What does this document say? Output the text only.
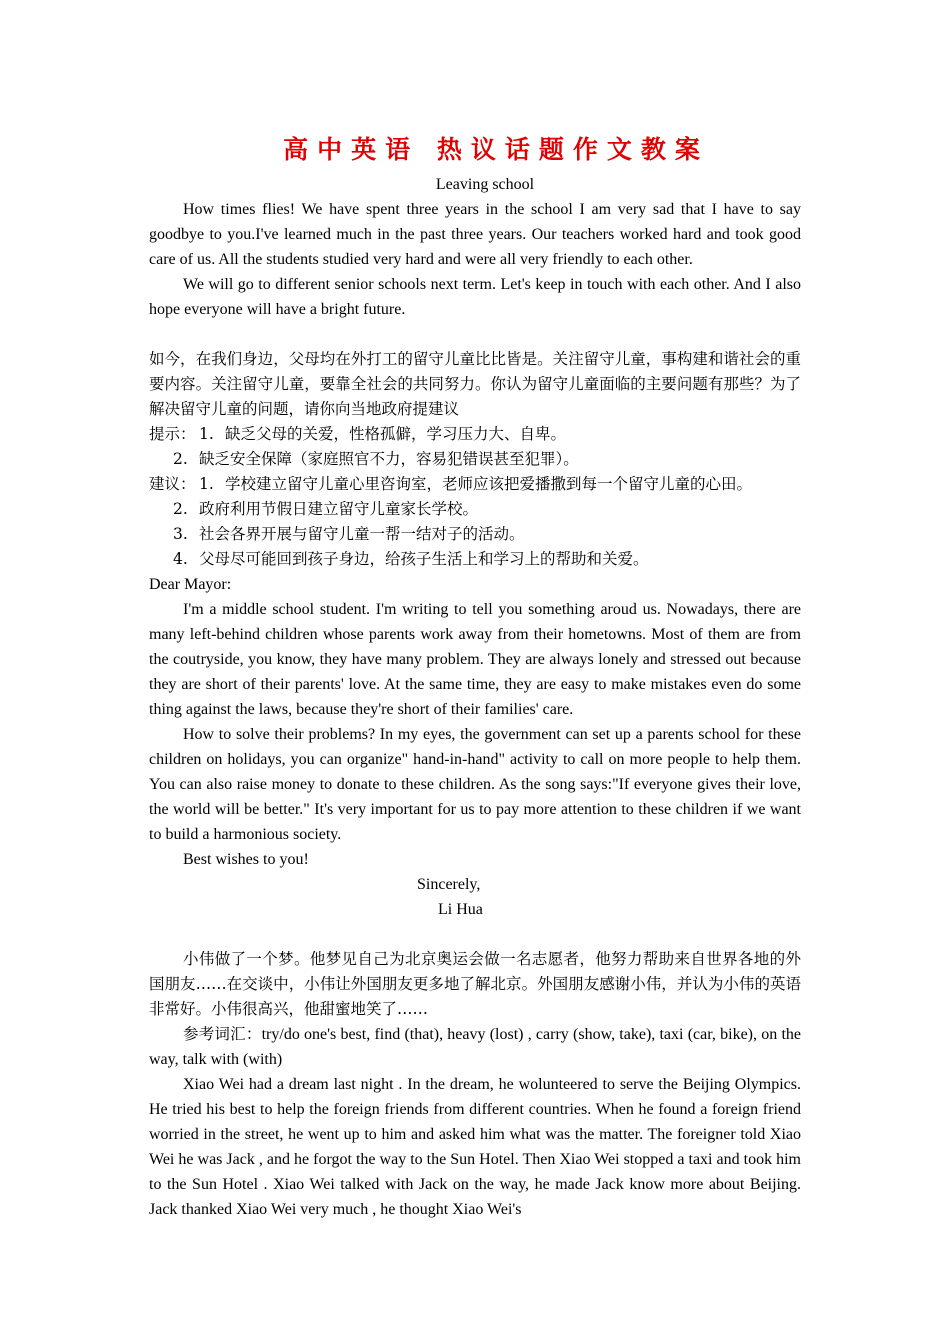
高中英语 热议话题作文教案
Leaving school

How times flies! We have spent three years in the school I am very sad that I have to say goodbye to you.I've learned much in the past three years. Our teachers worked hard and took good care of us. All the students studied very hard and were all very friendly to each other.

We will go to different senior schools next term. Let's keep in touch with each other. And I also hope everyone will have a bright future.

如今，在我们身边，父母均在外打工的留守儿童比比皆是。关注留守儿童，事构建和谐社会的重要内容。关注留守儿童，要靠全社会的共同努力。你认为留守儿童面临的主要问题有那些？为了解决留守儿童的问题，请你向当地政府提建议

提示： 1. 缺乏父母的关爱，性格孤僻，学习压力大、自卑。
2. 缺乏安全保障（家庭照官不力，容易犯错误甚至犯罪）。
建议： 1. 学校建立留守儿童心里咨询室，老师应该把爱播撒到每一个留守儿童的心田。
2. 政府利用节假日建立留守儿童家长学校。
3. 社会各界开展与留守儿童一帮一结对子的活动。
4. 父母尽可能回到孩子身边，给孩子生活上和学习上的帮助和关爱。

Dear Mayor:

I'm a middle school student. I'm writing to tell you something aroud us. Nowadays, there are many left-behind children whose parents work away from their hometowns. Most of them are from the coutryside, you know, they have many problem. They are always lonely and stressed out because they are short of their parents' love. At the same time, they are easy to make mistakes even do some thing against the laws, because they're short of their families' care.

How to solve their problems? In my eyes, the government can set up a parents school for these children on holidays, you can organize" hand-in-hand" activity to call on more people to help them. You can also raise money to donate to these children. As the song says:"If everyone gives their love, the world will be better." It's very important for us to pay more attention to these children if we want to build a harmonious society.

Best wishes to you!

Sincerely,

Li Hua

小伟做了一个梦。他梦见自己为北京奥运会做一名志愿者，他努力帮助来自世界各地的外国朋友……在交谈中，小伟让外国朋友更多地了解北京。外国朋友感谢小伟，并认为小伟的英语非常好。小伟很高兴，他甜蜜地笑了……

参考词汇：try/do one's best, find (that), heavy (lost) , carry (show, take), taxi (car, bike), on the way, talk with (with)

Xiao Wei had a dream last night . In the dream, he wolunteered to serve the Beijing Olympics. He tried his best to help the foreign friends from different countries. When he found a foreign friend worried in the street, he went up to him and asked him what was the matter. The foreigner told Xiao Wei he was Jack , and he forgot the way to the Sun Hotel. Then Xiao Wei stopped a taxi and took him to the Sun Hotel . Xiao Wei talked with Jack on the way, he made Jack know more about Beijing. Jack thanked Xiao Wei very much , he thought Xiao Wei's
